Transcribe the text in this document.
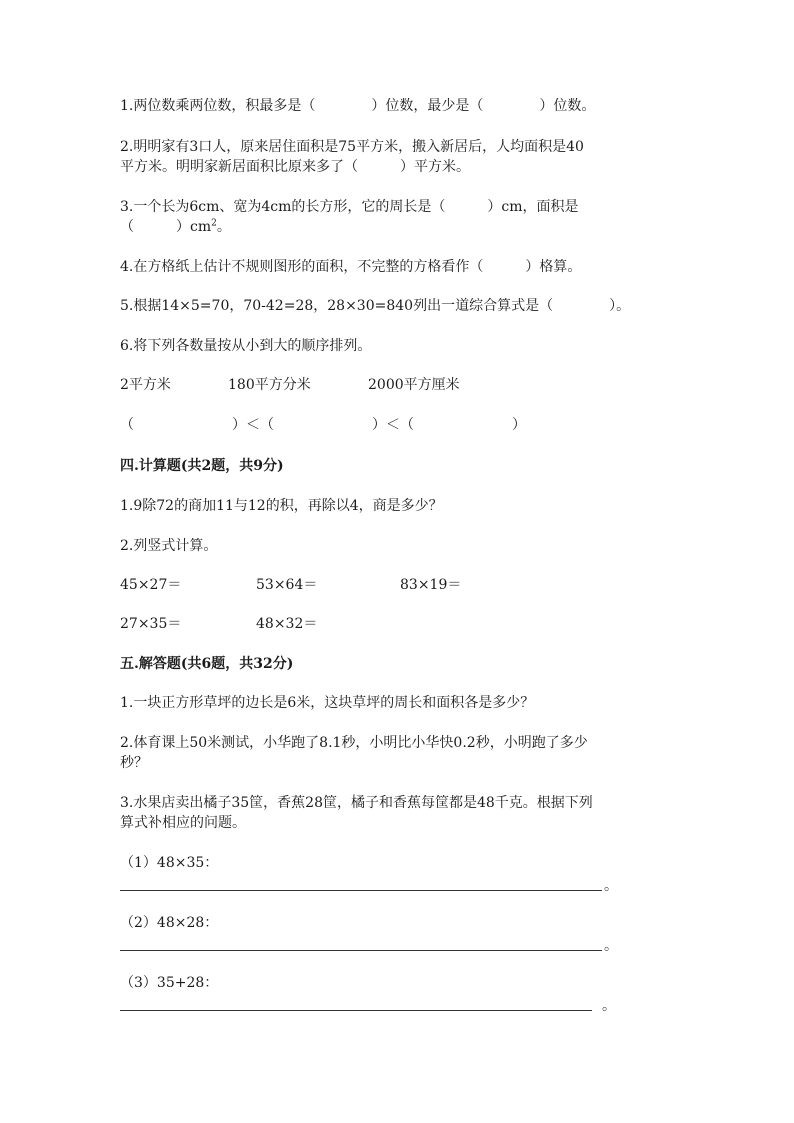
1.两位数乘两位数，积最多是（　　　　）位数，最少是（　　　　）位数。
2.明明家有3口人，原来居住面积是75平方米，搬入新居后，人均面积是40
平方米。明明家新居面积比原来多了（　　　）平方米。
3.一个长为6cm、宽为4cm的长方形，它的周长是（　　　）cm，面积是
（　　　）$cm^2$。
4.在方格纸上估计不规则图形的面积，不完整的方格看作（　　　）格算。
5.根据14×5=70，70-42=28，28×30=840列出一道综合算式是（　　　　）。
6.将下列各数量按从小到大的顺序排列。
2平方米	180平方分米	2000平方厘米
（　　　　　　　）＜（　　　　　　　）＜（　　　　　　　）
四.计算题(共2题，共9分)
1.9除72的商加11与12的积，再除以4，商是多少？
2.列竖式计算。
45×27＝	53×64＝	83×19＝
27×35＝	48×32＝
五.解答题(共6题，共32分)
1.一块正方形草坪的边长是6米，这块草坪的周长和面积各是多少？
2.体育课上50米测试，小华跑了8.1秒，小明比小华快0.2秒，小明跑了多少
秒？
3.水果店卖出橘子35筐，香蕉28筐，橘子和香蕉每筐都是48千克。根据下列
算式补相应的问题。
（1）48×35：
。
（2）48×28：
。
（3）35+28：
。
